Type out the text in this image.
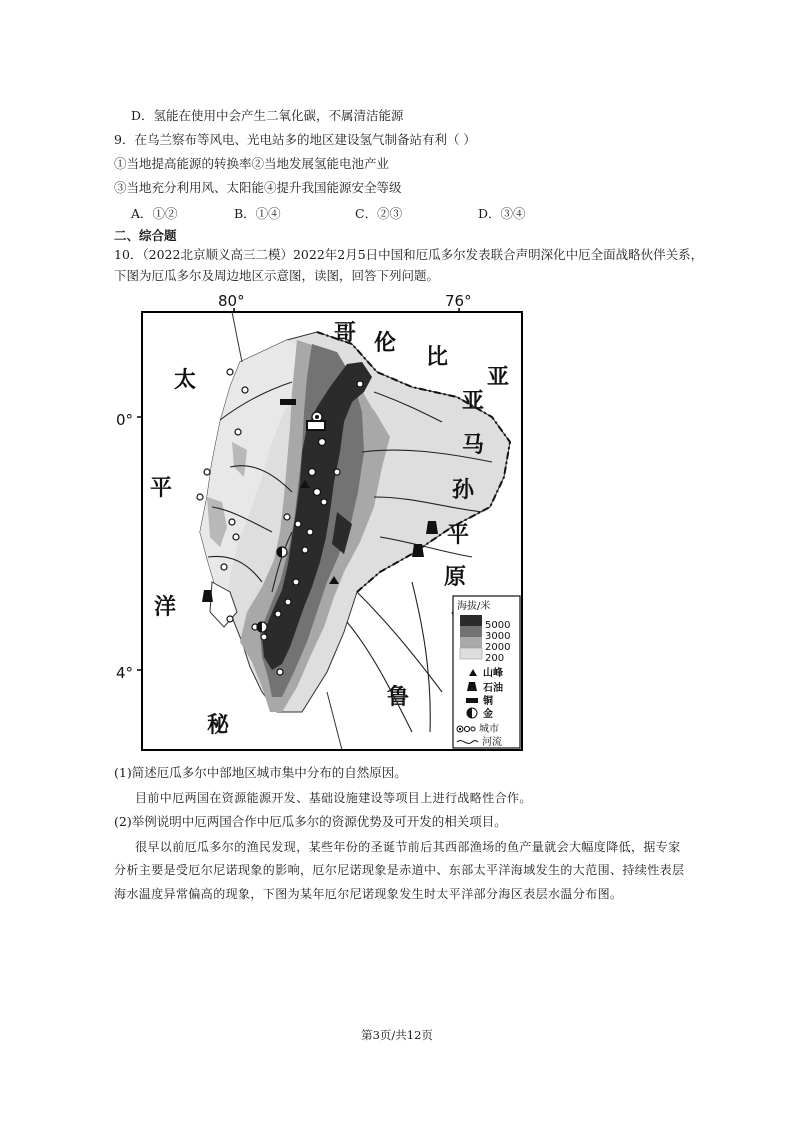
D．氢能在使用中会产生二氧化碳，不属清洁能源
9．在乌兰察布等风电、光电站多的地区建设氢气制备站有利（ ）
①当地提高能源的转换率②当地发展氢能电池产业
③当地充分利用风、太阳能④提升我国能源安全等级
A．①②	B．①④	C．②③	D．③④
二、综合题
10．（2022北京顺义高三二模）2022年2月5日中国和厄瓜多尔发表联合声明深化中厄全面战略伙伴关系，
下图为厄瓜多尔及周边地区示意图，读图，回答下列问题。
80°	76°
0°
4°
哥 伦
比
亚
太
平
洋
亚
马
孙
平
原
秘
鲁
海拔/米
5000
3000
2000
200
山峰
石油
铜
金
城市
河流
(1)简述厄瓜多尔中部地区城市集中分布的自然原因。
目前中厄两国在资源能源开发、基础设施建设等项目上进行战略性合作。
(2)举例说明中厄两国合作中厄瓜多尔的资源优势及可开发的相关项目。
很早以前厄瓜多尔的渔民发现，某些年份的圣诞节前后其西部渔场的鱼产量就会大幅度降低，据专家
分析主要是受厄尔尼诺现象的影响，厄尔尼诺现象是赤道中、东部太平洋海域发生的大范围、持续性表层
海水温度异常偏高的现象，下图为某年厄尔尼诺现象发生时太平洋部分海区表层水温分布图。
第3页/共12页
